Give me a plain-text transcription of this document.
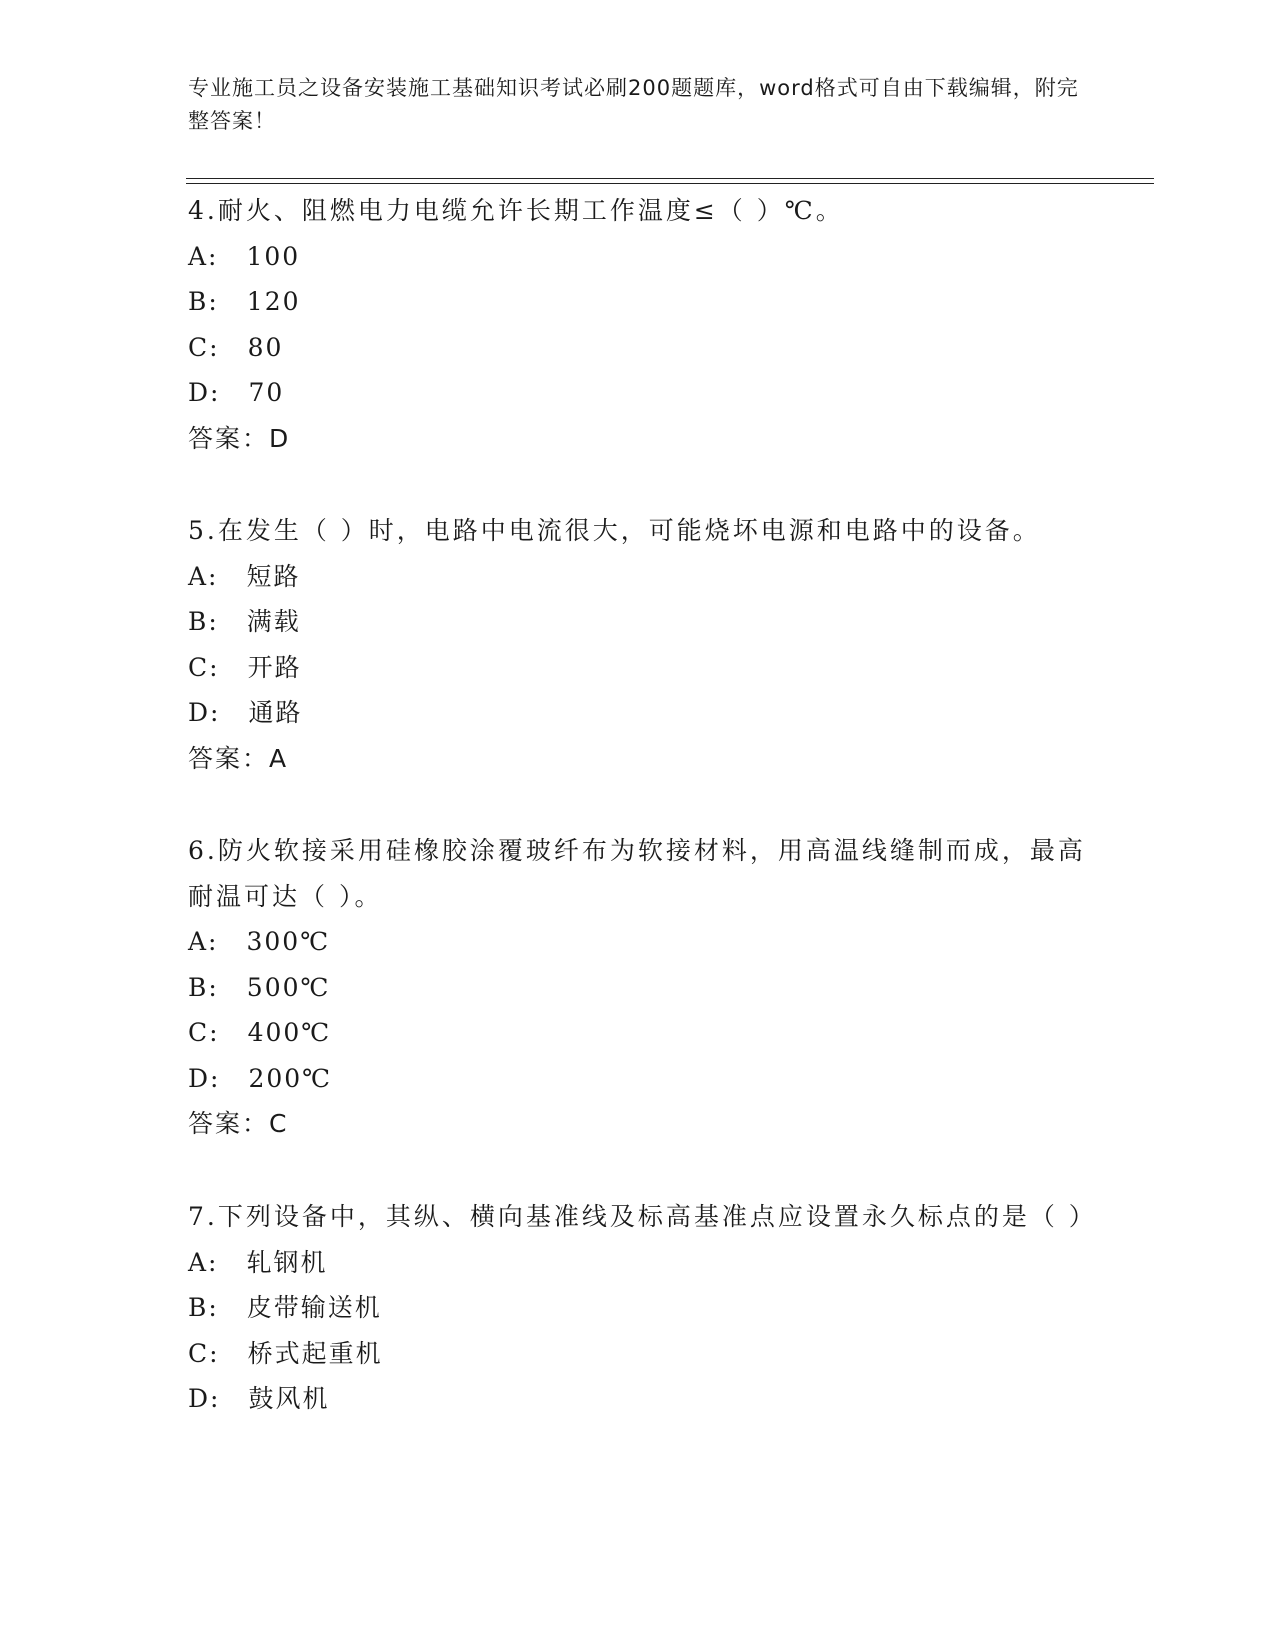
专业施工员之设备安装施工基础知识考试必刷200题题库，word格式可自由下载编辑，附完整答案！

4.耐火、阻燃电力电缆允许长期工作温度≤（ ）℃。

A: 100

B: 120

C: 80

D: 70

答案：D

5.在发生（ ）时，电路中电流很大，可能烧坏电源和电路中的设备。

A: 短路

B: 满载

C: 开路

D: 通路

答案：A

6.防火软接采用硅橡胶涂覆玻纤布为软接材料，用高温线缝制而成，最高耐温可达（ ）。

A: 300℃

B: 500℃

C: 400℃

D: 200℃

答案：C

7.下列设备中，其纵、横向基准线及标高基准点应设置永久标点的是（ ）

A: 轧钢机

B: 皮带输送机

C: 桥式起重机

D: 鼓风机
